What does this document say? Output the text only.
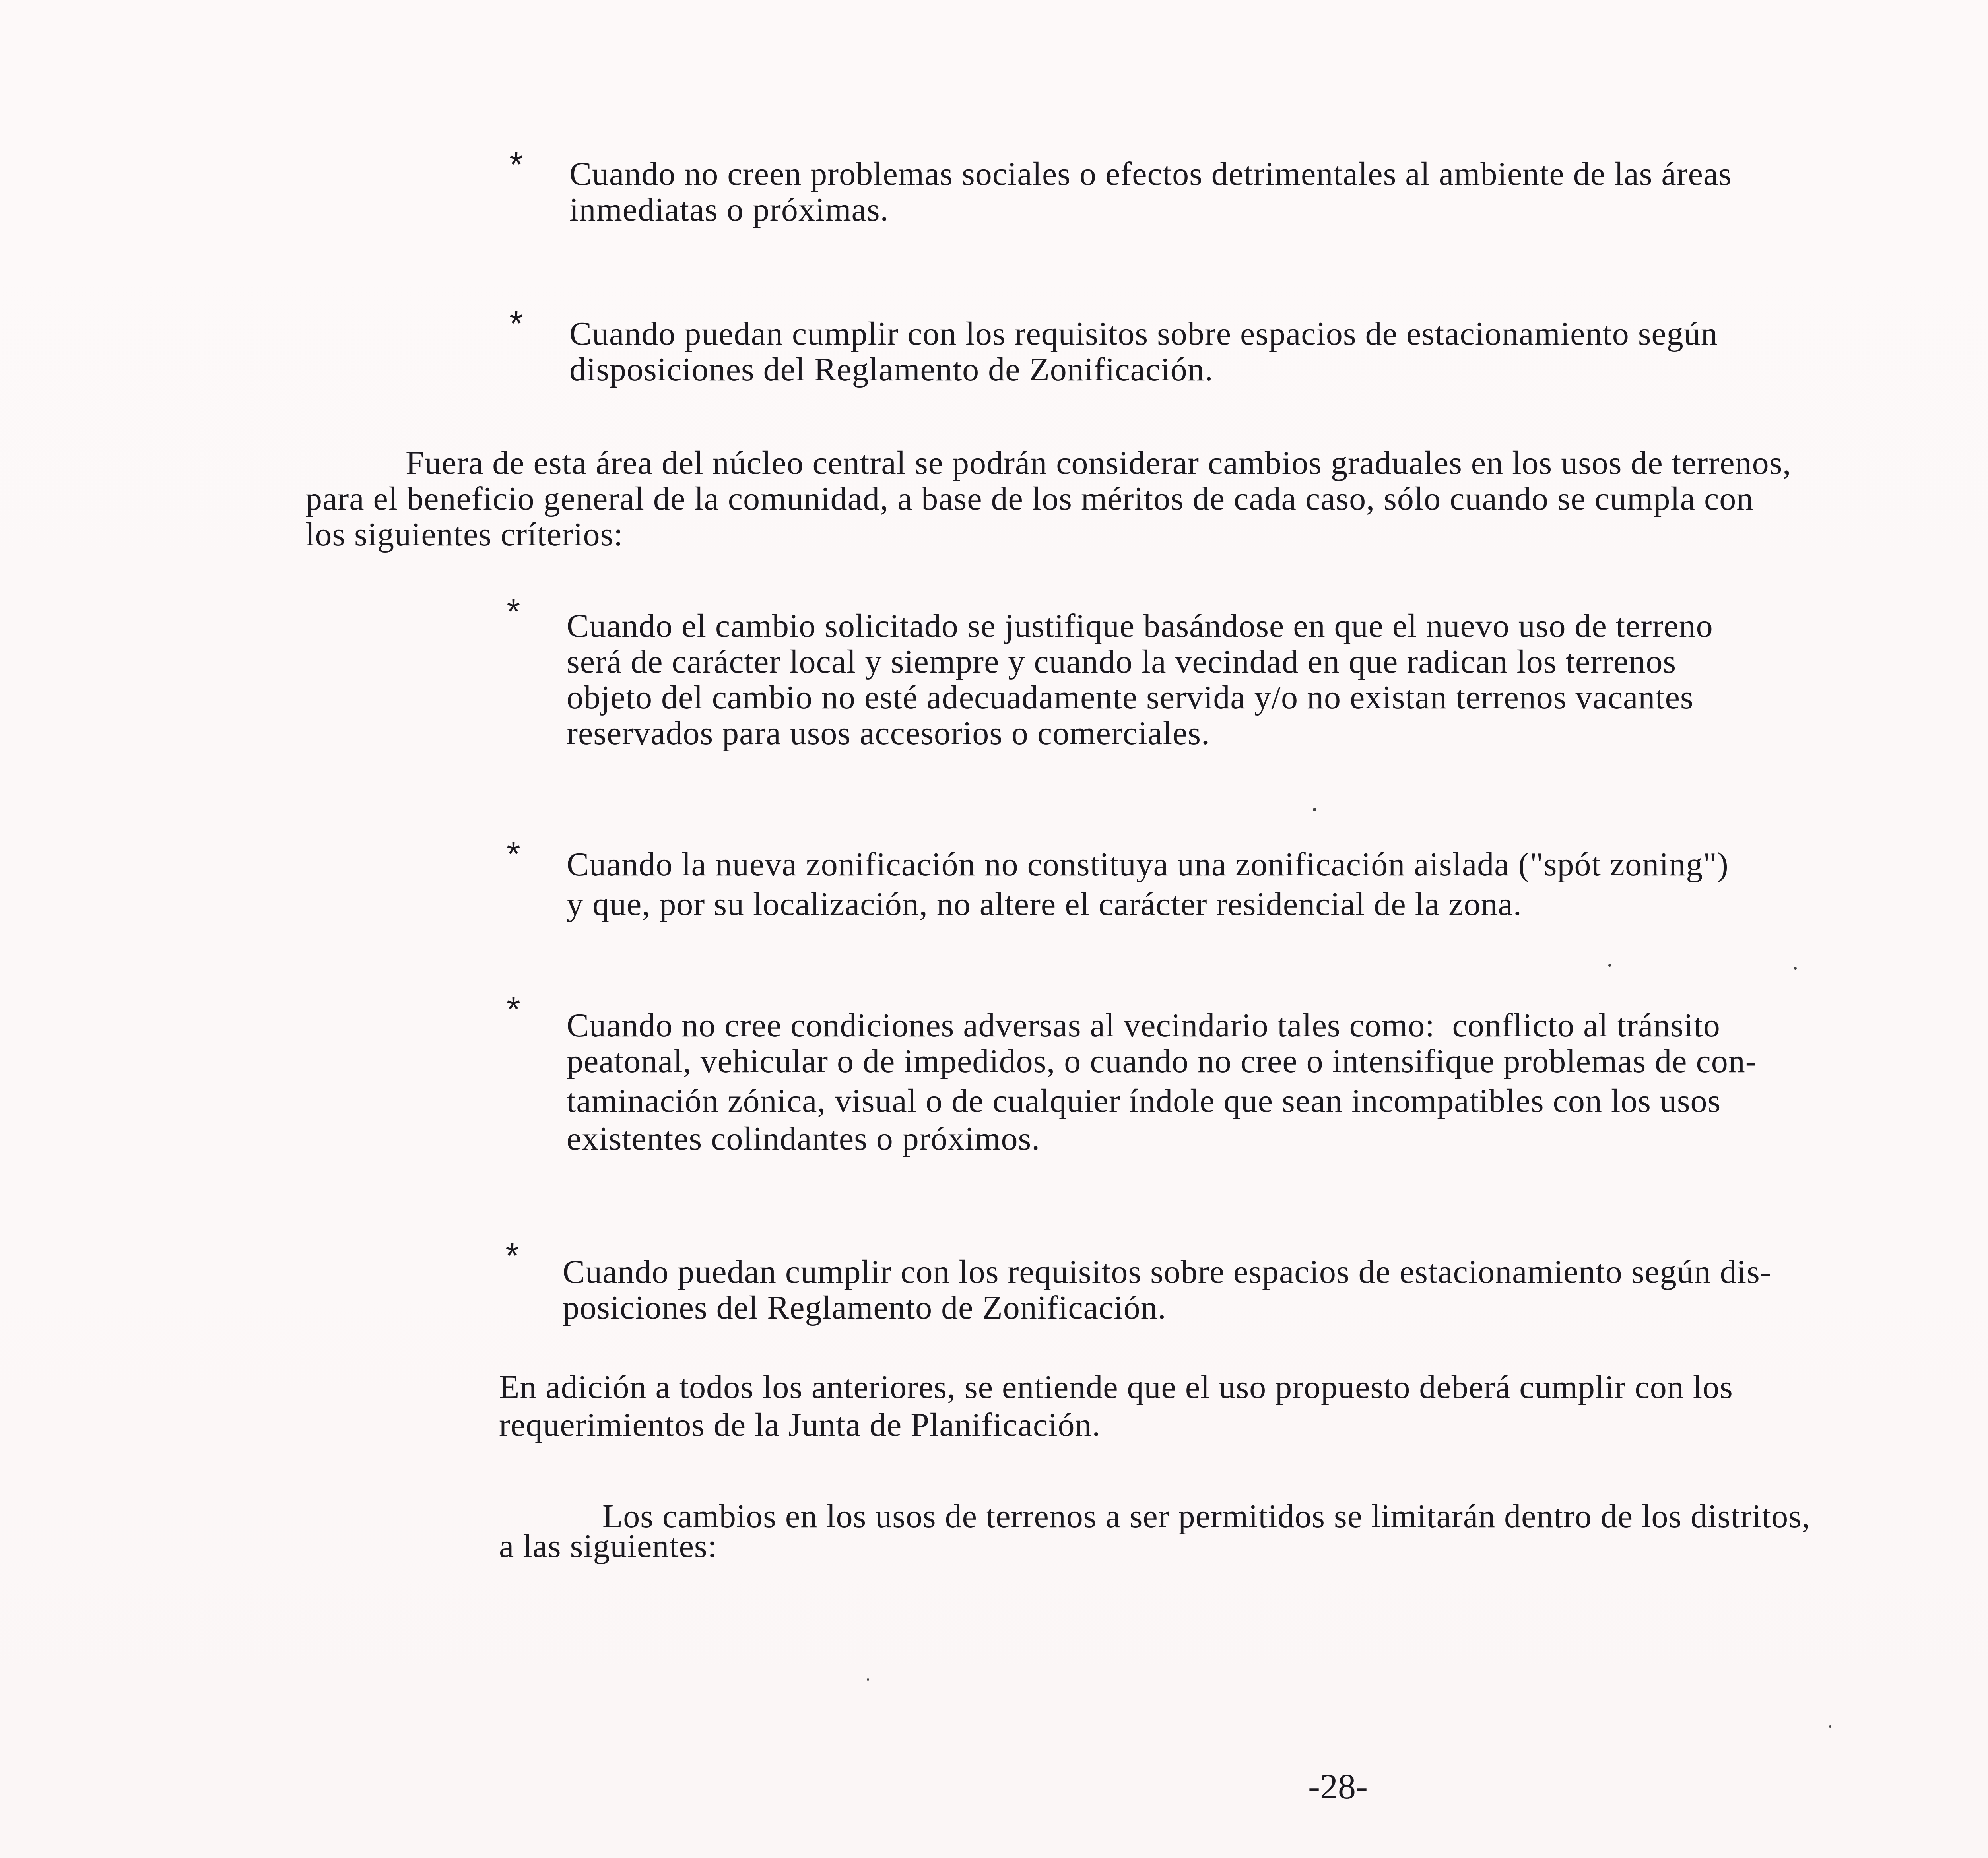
* Cuando no creen problemas sociales o efectos detrimentales al ambiente de las áreas

inmediatas o próximas.

* Cuando puedan cumplir con los requisitos sobre espacios de estacionamiento según

disposiciones del Reglamento de Zonificación.

Fuera de esta área del núcleo central se podrán considerar cambios graduales en los usos de terrenos,

para el beneficio general de la comunidad, a base de los méritos de cada caso, sólo cuando se cumpla con

los siguientes críterios:

* Cuando el cambio solicitado se justifique basándose en que el nuevo uso de terreno

será de carácter local y siempre y cuando la vecindad en que radican los terrenos

objeto del cambio no esté adecuadamente servida y/o no existan terrenos vacantes

reservados para usos accesorios o comerciales.

* Cuando la nueva zonificación no constituya una zonificación aislada ("spót zoning")

y que, por su localización, no altere el carácter residencial de la zona.

* Cuando no cree condiciones adversas al vecindario tales como:  conflicto al tránsito

peatonal, vehicular o de impedidos, o cuando no cree o intensifique problemas de con-

taminación zónica, visual o de cualquier índole que sean incompatibles con los usos

existentes colindantes o próximos.

* Cuando puedan cumplir con los requisitos sobre espacios de estacionamiento según dis-

posiciones del Reglamento de Zonificación.

En adición a todos los anteriores, se entiende que el uso propuesto deberá cumplir con los

requerimientos de la Junta de Planificación.

Los cambios en los usos de terrenos a ser permitidos se limitarán dentro de los distritos,

a las siguientes:

-28-
